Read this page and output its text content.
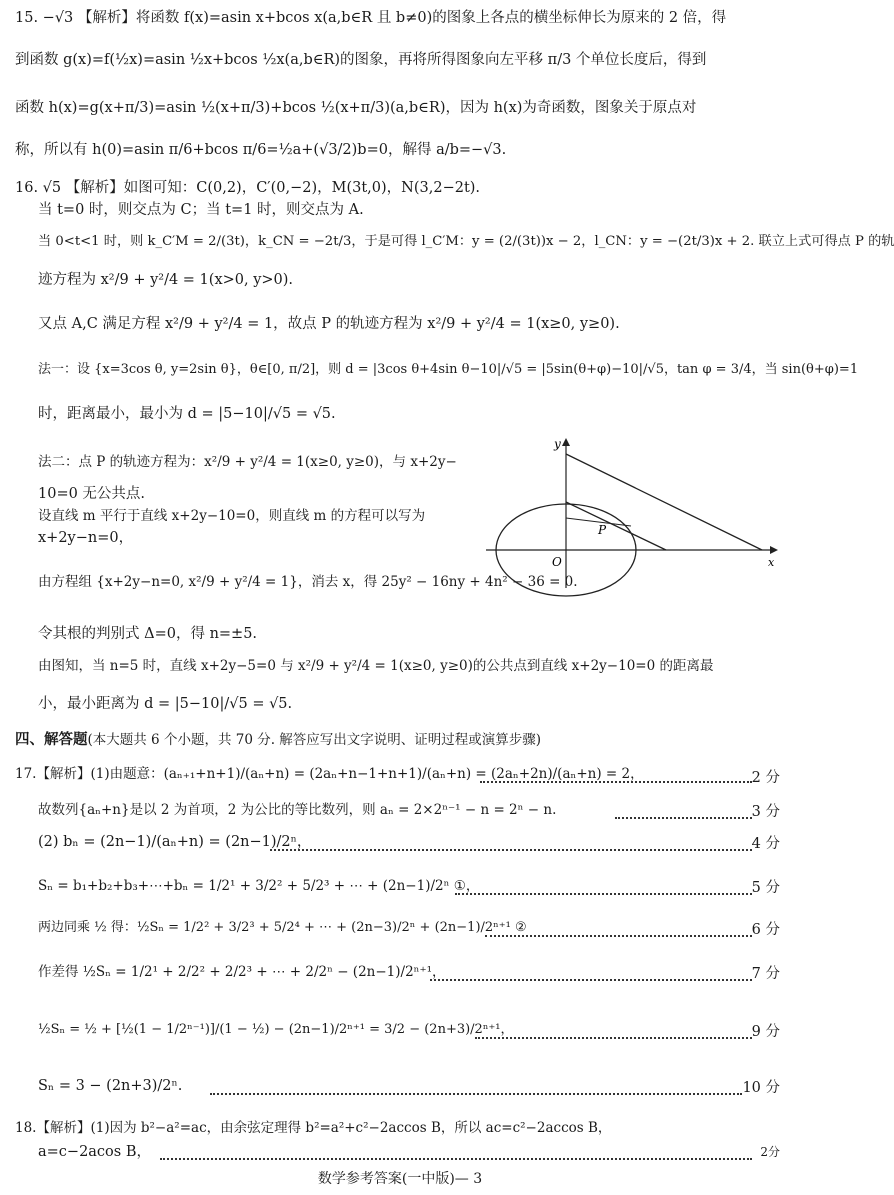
15. −√3 【解析】将函数 f(x)=asin x+bcos x(a,b∈R 且 b≠0)的图象上各点的横坐标伸长为原来的 2 倍，得
到函数 g(x)=f(½x)=asin ½x+bcos ½x(a,b∈R)的图象，再将所得图象向左平移 π/3 个单位长度后，得到
函数 h(x)=g(x+π/3)=asin ½(x+π/3)+bcos ½(x+π/3)(a,b∈R)，因为 h(x)为奇函数，图象关于原点对
称，所以有 h(0)=asin π/6+bcos π/6=½a+(√3/2)b=0，解得 a/b=−√3.
16. √5 【解析】如图可知：C(0,2)，C′(0,−2)，M(3t,0)，N(3,2−2t).
当 t=0 时，则交点为 C；当 t=1 时，则交点为 A.
当 0<t<1 时，则 k_C′M = 2/(3t)，k_CN = −2t/3，于是可得 l_C′M：y = (2/(3t))x − 2，l_CN：y = −(2t/3)x + 2. 联立上式可得点 P 的轨
迹方程为 x²/9 + y²/4 = 1(x>0, y>0).
又点 A,C 满足方程 x²/9 + y²/4 = 1，故点 P 的轨迹方程为 x²/9 + y²/4 = 1(x≥0, y≥0).
法一：设 {x=3cos θ, y=2sin θ}，θ∈[0, π/2]，则 d = |3cos θ+4sin θ−10|/√5 = |5sin(θ+φ)−10|/√5，tan φ = 3/4，当 sin(θ+φ)=1
时，距离最小，最小为 d = |5−10|/√5 = √5.
法二：点 P 的轨迹方程为：x²/9 + y²/4 = 1(x≥0, y≥0)，与 x+2y−
10=0 无公共点.
设直线 m 平行于直线 x+2y−10=0，则直线 m 的方程可以写为
x+2y−n=0，
由方程组 {x+2y−n=0, x²/9 + y²/4 = 1}，消去 x，得 25y² − 16ny + 4n² − 36 = 0.
令其根的判别式 Δ=0，得 n=±5.
由图知，当 n=5 时，直线 x+2y−5=0 与 x²/9 + y²/4 = 1(x≥0, y≥0)的公共点到直线 x+2y−10=0 的距离最
小，最小距离为 d = |5−10|/√5 = √5.
y
x
O
P
四、解答题(本大题共 6 个小题，共 70 分. 解答应写出文字说明、证明过程或演算步骤)
17.【解析】(1)由题意：(aₙ₊₁+n+1)/(aₙ+n) = (2aₙ+n−1+n+1)/(aₙ+n) = (2aₙ+2n)/(aₙ+n) = 2，	2 分
故数列{aₙ+n}是以 2 为首项，2 为公比的等比数列，则 aₙ = 2×2ⁿ⁻¹ − n = 2ⁿ − n.	3 分
(2) bₙ = (2n−1)/(aₙ+n) = (2n−1)/2ⁿ，	4 分
Sₙ = b₁+b₂+b₃+⋯+bₙ = 1/2¹ + 3/2² + 5/2³ + ⋯ + (2n−1)/2ⁿ ①，	5 分
两边同乘 ½ 得：½Sₙ = 1/2² + 3/2³ + 5/2⁴ + ⋯ + (2n−3)/2ⁿ + (2n−1)/2ⁿ⁺¹ ②	6 分
作差得 ½Sₙ = 1/2¹ + 2/2² + 2/2³ + ⋯ + 2/2ⁿ − (2n−1)/2ⁿ⁺¹，	7 分
½Sₙ = ½ + [½(1 − 1/2ⁿ⁻¹)]/(1 − ½) − (2n−1)/2ⁿ⁺¹ = 3/2 − (2n+3)/2ⁿ⁺¹，	9 分
Sₙ = 3 − (2n+3)/2ⁿ.	10 分
18.【解析】(1)因为 b²−a²=ac，由余弦定理得 b²=a²+c²−2accos B，所以 ac=c²−2accos B，
a=c−2acos B，	2分
数学参考答案(一中版)— 3
